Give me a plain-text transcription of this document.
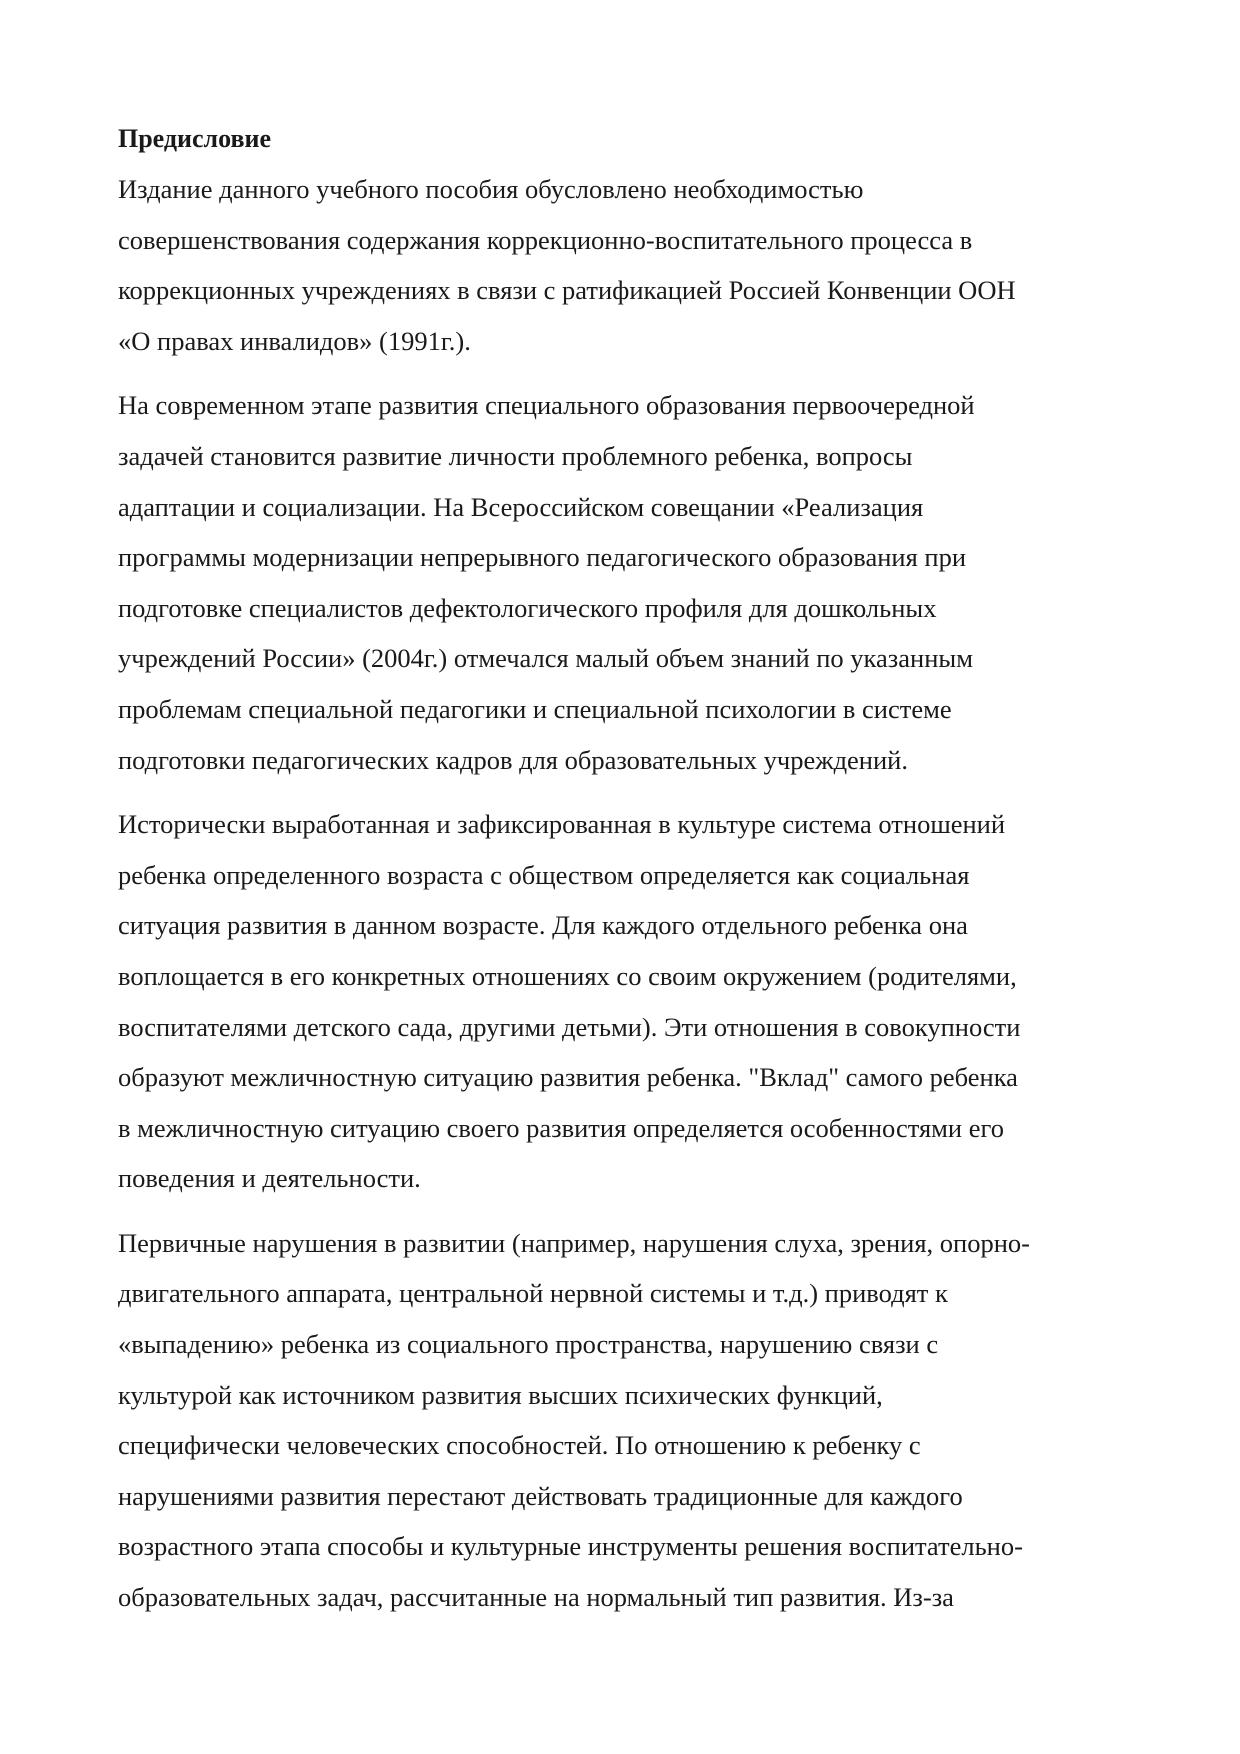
Предисловие
Издание данного учебного пособия обусловлено необходимостью
совершенствования содержания коррекционно-воспитательного процесса в
коррекционных учреждениях в связи с ратификацией Россией Конвенции ООН
«О правах инвалидов» (1991г.).
На современном этапе развития специального образования первоочередной
задачей становится развитие личности проблемного ребенка, вопросы
адаптации и социализации. На Всероссийском совещании «Реализация
программы модернизации непрерывного педагогического образования при
подготовке специалистов дефектологического профиля для дошкольных
учреждений России» (2004г.) отмечался малый объем знаний по указанным
проблемам специальной педагогики и специальной психологии в системе
подготовки педагогических кадров для образовательных учреждений.
Исторически выработанная и зафиксированная в культуре система отношений
ребенка определенного возраста с обществом определяется как социальная
ситуация развития в данном возрасте. Для каждого отдельного ребенка она
воплощается в его конкретных отношениях со своим окружением (родителями,
воспитателями детского сада, другими детьми). Эти отношения в совокупности
образуют межличностную ситуацию развития ребенка. "Вклад" самого ребенка
в межличностную ситуацию своего развития определяется особенностями его
поведения и деятельности.
Первичные нарушения в развитии (например, нарушения слуха, зрения, опорно-
двигательного аппарата, центральной нервной системы и т.д.) приводят к
«выпадению» ребенка из социального пространства, нарушению связи с
культурой как источником развития высших психических функций,
специфически человеческих способностей. По отношению к ребенку с
нарушениями развития перестают действовать традиционные для каждого
возрастного этапа способы и культурные инструменты решения воспитательно-
образовательных задач, рассчитанные на нормальный тип развития. Из-за
